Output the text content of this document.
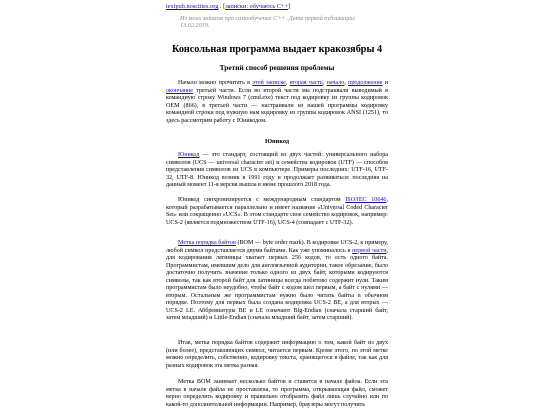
textpub.noscities.org . [записки: обучаюсь C++]
Из моих записок про самообучение C++. Дата первой публикации: 13.02.2019.
Консольная программа выдает кракозябры 4
Третий способ решения проблемы
Начало можно прочитать в этой записке, вторая часть, начало, продолжение и окончание третьей части. Если во второй части мы подстраивали выводимый в командную строку Windows 7 (cmd.exe) текст под кодировку из группы кодировок OEM (866), в третьей части — настраивали из нашей программы кодировку командной строки под нужную нам кодировку из группы кодировок ANSI (1251), то здесь рассмотрим работу с Юникодом.
Юникод
Юникод — это стандарт, состоящий из двух частей: универсального набора символов (UCS — universal character set) и семейства кодировок (UTF) — способов представления символов из UCS в компьютере. Примеры последних: UTF-16, UTF-32, UTF-8. Юникод возник в 1991 году и продолжает развиваться: последняя на данный момент 11-я версия вышла в июне прошлого 2018 года.
Юникод синхронизируется с международным стандартом ISO/IEC 10646, который разрабатывается параллельно и имеет название «Universal Coded Character Set» или сокращенно «UCS». В этом стандарте свое семейство кодировок, например: UCS-2 (является подмножеством UTF-16), UCS-4 (совпадает с UTF-32).
Метка порядка байтов (BOM — byte order mark). В кодировке UCS-2, к примеру, любой символ представляется двумя байтами. Как уже упоминалось в первой части, для кодирования латиницы хватает первых 256 кодов, то есть одного байта. Программистам, имевшим дело для англоязычной аудитории, такое обрезание, было достаточно получить значение только одного из двух байт, которыми кодируются символы, так как второй байт для латиницы всегда побитово содержит нули. Таким программистам было неудобно, чтобы байт с кодом шел первым, а байт с нулями — вторым. Остальным же программистам нужно было читать байты в обычном порядке. Поэтому для первых была создана кодировка UCS-2 BE, а для вторых — UCS-2 LE. Аббревиатуры BE и LE означают Big-Endian (сначала старший байт, затем младший) и Little-Endian (сначала младший байт, затем старший).
Итак, метка порядка байтов содержит информацию о том, какой байт из двух (или более), представляющих символ, читается первым. Кроме этого, по этой метке можно определить, собственно, кодировку текста, хранящегося в файле, так как для разных кодировок эта метка разная.
Метка BOM занимает несколько байтов и ставится в начале файла. Если эта метка в начале файла не проставлена, то программа, открывающая файл, сможет верно определить кодировку и правильно отобразить файл лишь случайно или по какой-то дополнительной информации. Например, браузеры могут получить
